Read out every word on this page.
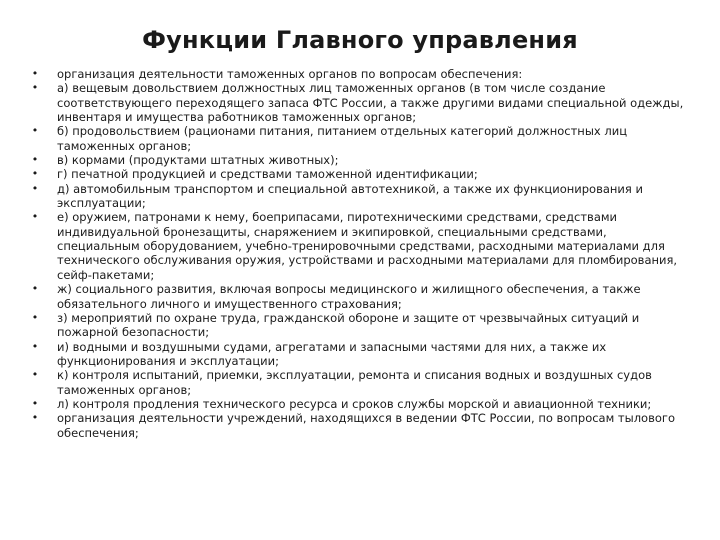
Функции Главного управления
• организация деятельности таможенных органов по вопросам обеспечения:
• а) вещевым довольствием должностных лиц таможенных органов (в том числе создание соответствующего переходящего запаса ФТС России, а также другими видами специальной одежды, инвентаря и имущества работников таможенных органов;
• б) продовольствием (рационами питания, питанием отдельных категорий должностных лиц таможенных органов;
• в) кормами (продуктами штатных животных);
• г) печатной продукцией и средствами таможенной идентификации;
• д) автомобильным транспортом и специальной автотехникой, а также их функционирования и эксплуатации;
• е) оружием, патронами к нему, боеприпасами, пиротехническими средствами, средствами индивидуальной бронезащиты, снаряжением и экипировкой, специальными средствами, специальным оборудованием, учебно-тренировочными средствами, расходными материалами для технического обслуживания оружия, устройствами и расходными материалами для пломбирования, сейф-пакетами;
• ж) социального развития, включая вопросы медицинского и жилищного обеспечения, а также обязательного личного и имущественного страхования;
• з) мероприятий по охране труда, гражданской обороне и защите от чрезвычайных ситуаций и пожарной безопасности;
• и) водными и воздушными судами, агрегатами и запасными частями для них, а также их функционирования и эксплуатации;
• к) контроля испытаний, приемки, эксплуатации, ремонта и списания водных и воздушных судов таможенных органов;
• л) контроля продления технического ресурса и сроков службы морской и авиационной техники;
• организация деятельности учреждений, находящихся в ведении ФТС России, по вопросам тылового обеспечения;
